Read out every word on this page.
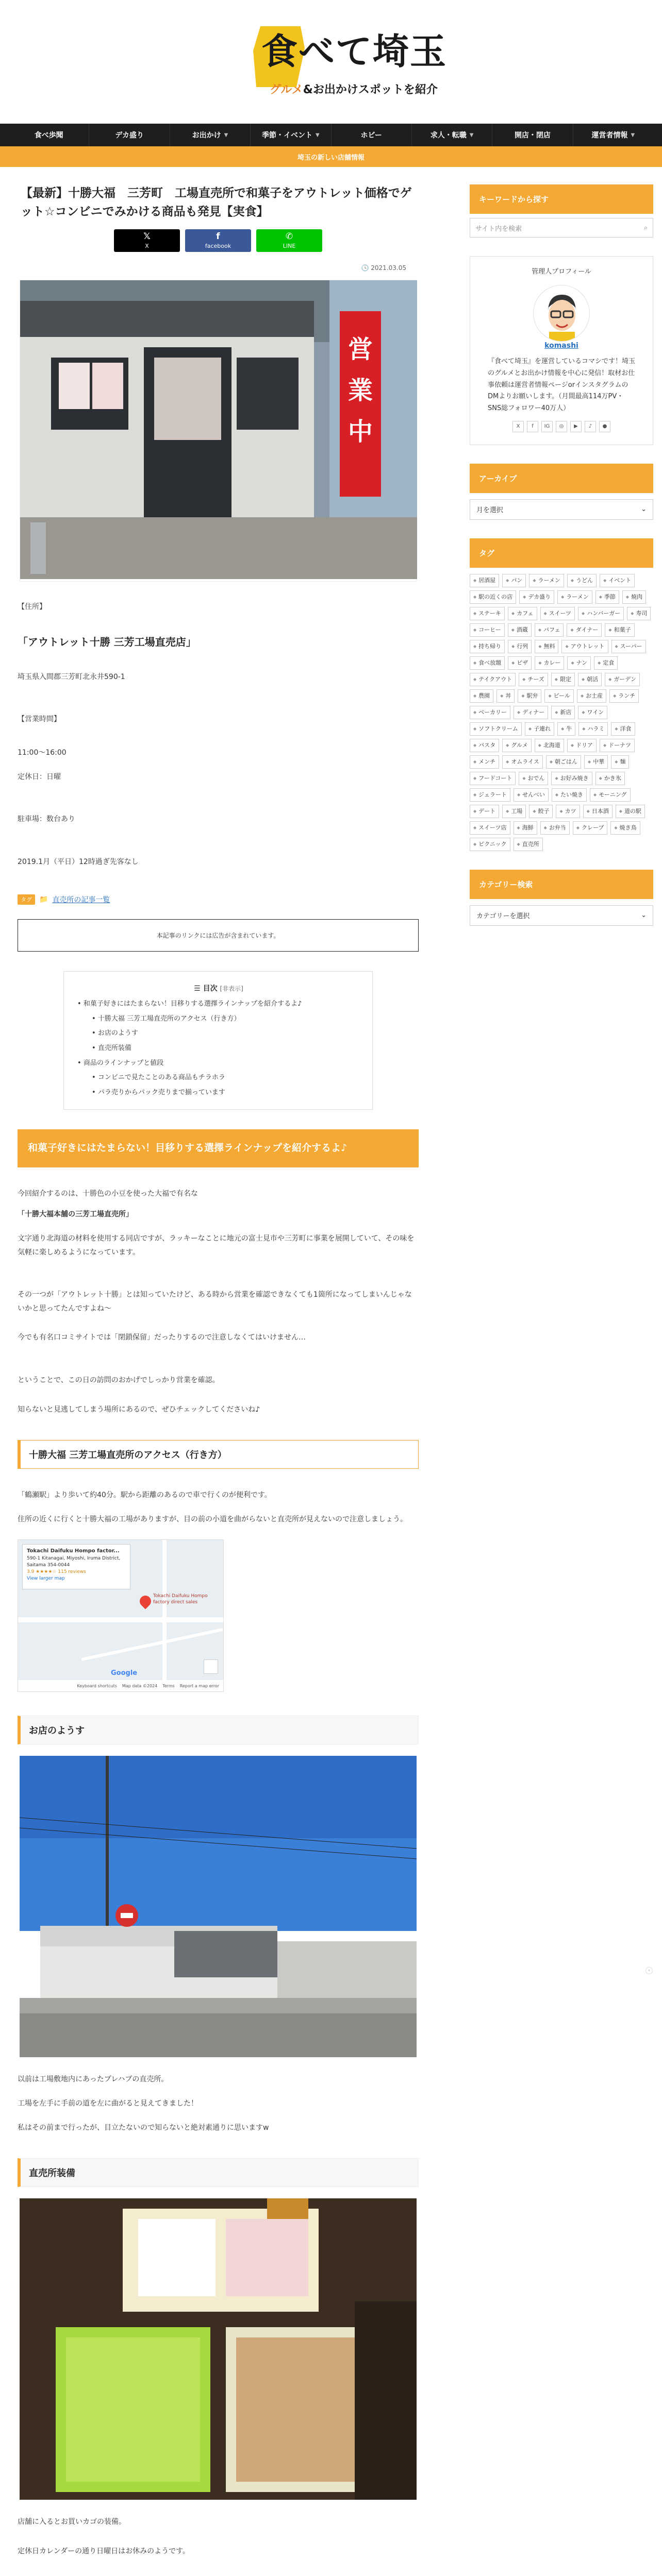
食べて埼玉
グルメ&お出かけスポットを紹介
食べ歩聞	デカ盛り	お出かけ ▼	季節・イベント ▼	ホビー	求人・転職 ▼	開店・閉店	運営者情報 ▼
埼玉の新しい店舗情報
【最新】十勝大福　三芳町　工場直売所で和菓子をアウトレット価格でゲット☆コンビニでみかける商品も発見【実食】
𝕏
X
f
facebook
✆
LINE
🕓 2021.03.05
営
業
中

【住所】

「アウトレット十勝 三芳工場直売店」

埼玉県入間郡三芳町北永井590-1

【営業時間】

11:00〜16:00

定休日：日曜

駐車場：数台あり

2019.1月（平日）12時過ぎ先客なし

タグ	📁 直売所の記事一覧
本記事のリンクには広告が含まれています。
☰ 目次 [非表示]
• 和菓子好きにはたまらない！目移りする選擇ラインナップを紹介するよ♪
• 十勝大福 三芳工場直売所のアクセス（行き方）
• お店のようす
• 直売所装備
• 商品のラインナップと値段
• コンビニで見たことのある商品もチラホラ
• パラ売りからパック売りまで揃っています
和菓子好きにはたまらない！目移りする選擇ラインナップを紹介するよ♪

今回紹介するのは、十勝色の小豆を使った大福で有名な

「十勝大福本舗の三芳工場直売所」

文字通り北海道の材料を使用する同店ですが、ラッキーなことに地元の富士見市や三芳町に事業を展開していて、その味を気軽に楽しめるようになっています。

その一つが「アウトレット十勝」とは知っていたけど、ある時から営業を確認できなくても1箇所になってしまいんじゃないかと思ってたんですよね〜

今でも有名口コミサイトでは「閉鎖保留」だったりするので注意しなくてはいけません…

ということで、この日の訪問のおかげでしっかり営業を確認。

知らないと見逃してしまう場所にあるので、ぜひチェックしてくださいね♪

十勝大福 三芳工場直売所のアクセス（行き方）

「鶴瀬駅」より歩いて約40分。駅から距離のあるので車で行くのが便利です。

住所の近くに行くと十勝大福の工場がありますが、目の前の小道を曲がらないと直売所が見えないので注意しましょう。

Tokachi Daifuku Hompo factor...
590-1 Kitanagai, Miyoshi, Iruma District, Saitama 354-0044
3.9 ★★★★☆ 115 reviews
View larger map
Tokachi Daifuku Hompo factory direct sales
Google
Keyboard shortcuts Map data ©2024 Terms Report a map error
お店のようす

以前は工場敷地内にあったプレハブの直売所。

工場を左手に手前の道を左に曲がると見えてきました！

私はその前まで行ったが、目立たないので知らないと絶対素通りに思いますw

直売所装備

店舗に入るとお買いカゴの装備。

定休日カレンダーの通り日曜日はお休みのようです。

キーワードから探す
サイト内を検索	⌕
管理人プロフィール
komashi

『食べて埼玉』を運営しているコマシです！埼玉のグルメとお出かけ情報を中心に発信！取材お仕事依頼は運営者情報ページorインスタグラムのDMよりお願いします。（月間最高114万PV・SNS総フォロワー40万人）

X	f	IG	◎	▶	♪	●
アーカイブ
月を選択	⌄
タグ
◆ 居酒屋	◆ パン	◆ ラーメン	◆ うどん	◆ イベント
◆ 駅の近くの店	◆ デカ盛り	◆ ラーメン	◆ 季節	◆ 焼肉
◆ ステーキ	◆ カフェ	◆ スイーツ	◆ ハンバーガー	◆ 寿司
◆ コーヒー	◆ 酒蔵	◆ パフェ	◆ ダイナー	◆ 和菓子
◆ 持ち帰り	◆ 行列	◆ 無料	◆ アウトレット	◆ スーパー
◆ 食べ放題	◆ ピザ	◆ カレー	◆ ナン	◆ 定食
◆ テイクアウト	◆ チーズ	◆ 限定	◆ 朝活	◆ ガーデン
◆ 農園	◆ 丼	◆ 駅弁	◆ ビール	◆ お土産	◆ ランチ
◆ ベーカリー	◆ ディナー	◆ 新店	◆ ワイン
◆ ソフトクリーム	◆ 子連れ	◆ 牛	◆ ハラミ	◆ 洋食
◆ パスタ	◆ グルメ	◆ 北海道	◆ ドリア	◆ ドーナツ
◆ メンチ	◆ オムライス	◆ 朝ごはん	◆ 中華	◆ 麺
◆ フードコート	◆ おでん	◆ お好み焼き	◆ かき氷
◆ ジェラート	◆ せんべい	◆ たい焼き	◆ モーニング
◆ デート	◆ 工場	◆ 餃子	◆ カツ	◆ 日本酒	◆ 道の駅
◆ スイーツ店	◆ 海鮮	◆ お弁当	◆ クレープ	◆ 焼き鳥
◆ ピクニック	◆ 直売所
カテゴリー検索
カテゴリーを選択	⌄
‹
